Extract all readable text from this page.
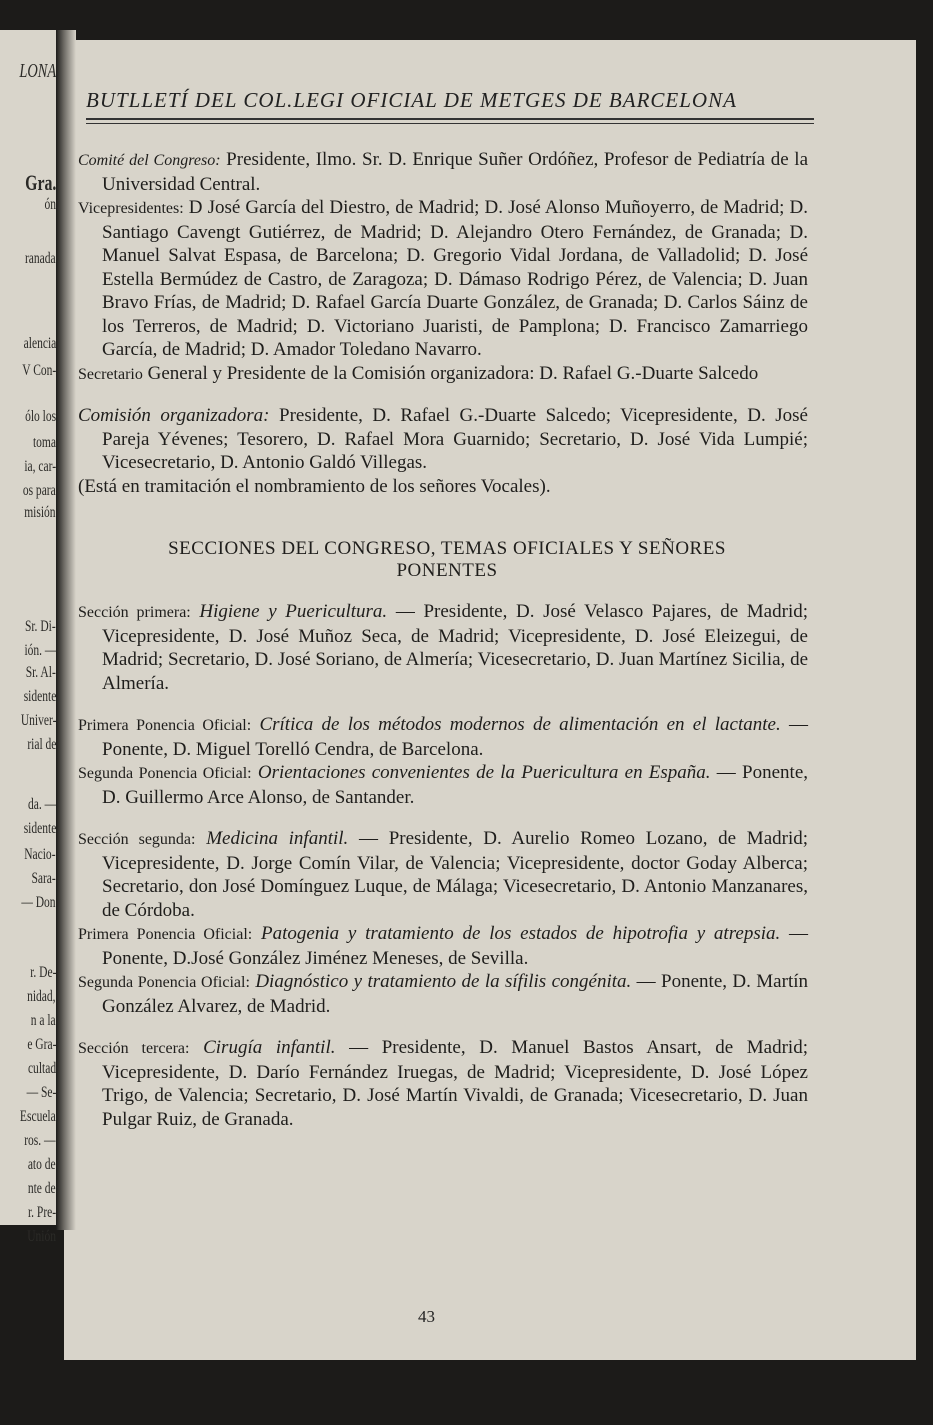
LONA
Gra.
ón
ranada
alencia
V Con-
ólo los
toma
ia, car-
os para
misión
Sr. Di-
ión. —
Sr. Al-
sidente
Univer-
rial de
da. —
sidente
Nacio-
Sara-
— Don
r. De-
nidad,
n a la
e Gra-
cultad
— Se-
Escuela
ros. —
ato de
nte de
r. Pre-
Unión
BUTLLETÍ DEL COL.LEGI OFICIAL DE METGES DE BARCELONA

Comité del Congreso: Presidente, Ilmo. Sr. D. Enrique Suñer Ordóñez, Profesor de Pediatría de la Universidad Central.

Vicepresidentes: D José García del Diestro, de Madrid; D. José Alonso Muñoyerro, de Madrid; D. Santiago Cavengt Gutiérrez, de Madrid; D. Alejandro Otero Fernández, de Granada; D. Manuel Salvat Espasa, de Barcelona; D. Gregorio Vidal Jordana, de Valladolid; D. José Estella Bermúdez de Castro, de Zaragoza; D. Dámaso Rodrigo Pérez, de Valencia; D. Juan Bravo Frías, de Madrid; D. Rafael García Duarte González, de Granada; D. Carlos Sáinz de los Terreros, de Madrid; D. Victoriano Juaristi, de Pamplona; D. Francisco Zamarriego García, de Madrid; D. Amador Toledano Navarro.

Secretario General y Presidente de la Comisión organizadora: D. Rafael G.-Duarte Salcedo

Comisión organizadora: Presidente, D. Rafael G.-Duarte Salcedo; Vicepresidente, D. José Pareja Yévenes; Tesorero, D. Rafael Mora Guarnido; Secretario, D. José Vida Lumpié; Vicesecretario, D. Antonio Galdó Villegas.

(Está en tramitación el nombramiento de los señores Vocales).

SECCIONES DEL CONGRESO, TEMAS OFICIALES Y SEÑORES
PONENTES

Sección primera: Higiene y Puericultura. — Presidente, D. José Velasco Pajares, de Madrid; Vicepresidente, D. José Muñoz Seca, de Madrid; Vicepresidente, D. José Eleizegui, de Madrid; Secretario, D. José Soriano, de Almería; Vicesecretario, D. Juan Martínez Sicilia, de Almería.

Primera Ponencia Oficial: Crítica de los métodos modernos de alimentación en el lactante. — Ponente, D. Miguel Torelló Cendra, de Barcelona.

Segunda Ponencia Oficial: Orientaciones convenientes de la Puericultura en España. — Ponente, D. Guillermo Arce Alonso, de Santander.

Sección segunda: Medicina infantil. — Presidente, D. Aurelio Romeo Lozano, de Madrid; Vicepresidente, D. Jorge Comín Vilar, de Valencia; Vicepresidente, doctor Goday Alberca; Secretario, don José Domínguez Luque, de Málaga; Vicesecretario, D. Antonio Manzanares, de Córdoba.

Primera Ponencia Oficial: Patogenia y tratamiento de los estados de hipotrofia y atrepsia. — Ponente, D.José González Jiménez Meneses, de Sevilla.

Segunda Ponencia Oficial: Diagnóstico y tratamiento de la sífilis congénita. — Ponente, D. Martín González Alvarez, de Madrid.

Sección tercera: Cirugía infantil. — Presidente, D. Manuel Bastos Ansart, de Madrid; Vicepresidente, D. Darío Fernández Iruegas, de Madrid; Vicepresidente, D. José López Trigo, de Valencia; Secretario, D. José Martín Vivaldi, de Granada; Vicesecretario, D. Juan Pulgar Ruiz, de Granada.

43
